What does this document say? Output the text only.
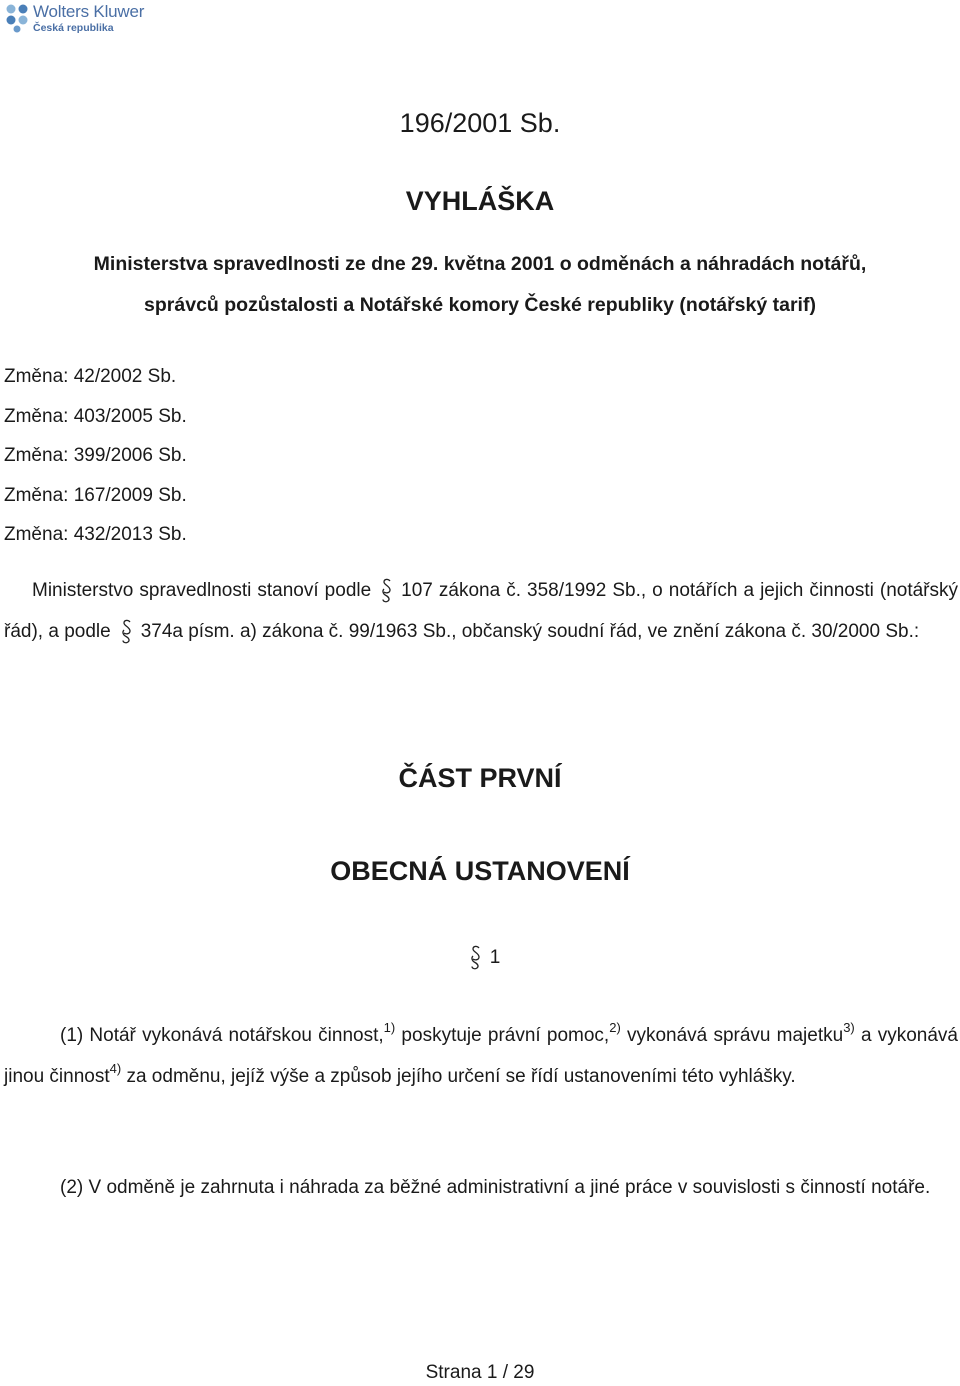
Wolters Kluwer
Česká republika

196/2001 Sb.

VYHLÁŠKA

Ministerstva spravedlnosti ze dne 29. května 2001 o odměnách a náhradách notářů,
správců pozůstalosti a Notářské komory České republiky (notářský tarif)
Změna: 42/2002 Sb.
Změna: 403/2005 Sb.
Změna: 399/2006 Sb.
Změna: 167/2009 Sb.
Změna: 432/2013 Sb.
Ministerstvo spravedlnosti stanoví podle 107 zákona č. 358/1992 Sb., o notářích a jejich činnosti (notářský řád), a podle 374a písm. a) zákona č. 99/1963 Sb., občanský soudní řád, ve znění zákona č. 30/2000 Sb.:

ČÁST PRVNÍ

OBECNÁ USTANOVENÍ

1

(1) Notář vykonává notářskou činnost,$^{1)}$ poskytuje právní pomoc,$^{2)}$ vykonává správu majetku$^{3)}$ a vykonává jinou činnost$^{4)}$ za odměnu, jejíž výše a způsob jejího určení se řídí ustanoveními této vyhlášky.
(2) V odměně je zahrnuta i náhrada za běžné administrativní a jiné práce v souvislosti s činností notáře.

Strana 1 / 29
